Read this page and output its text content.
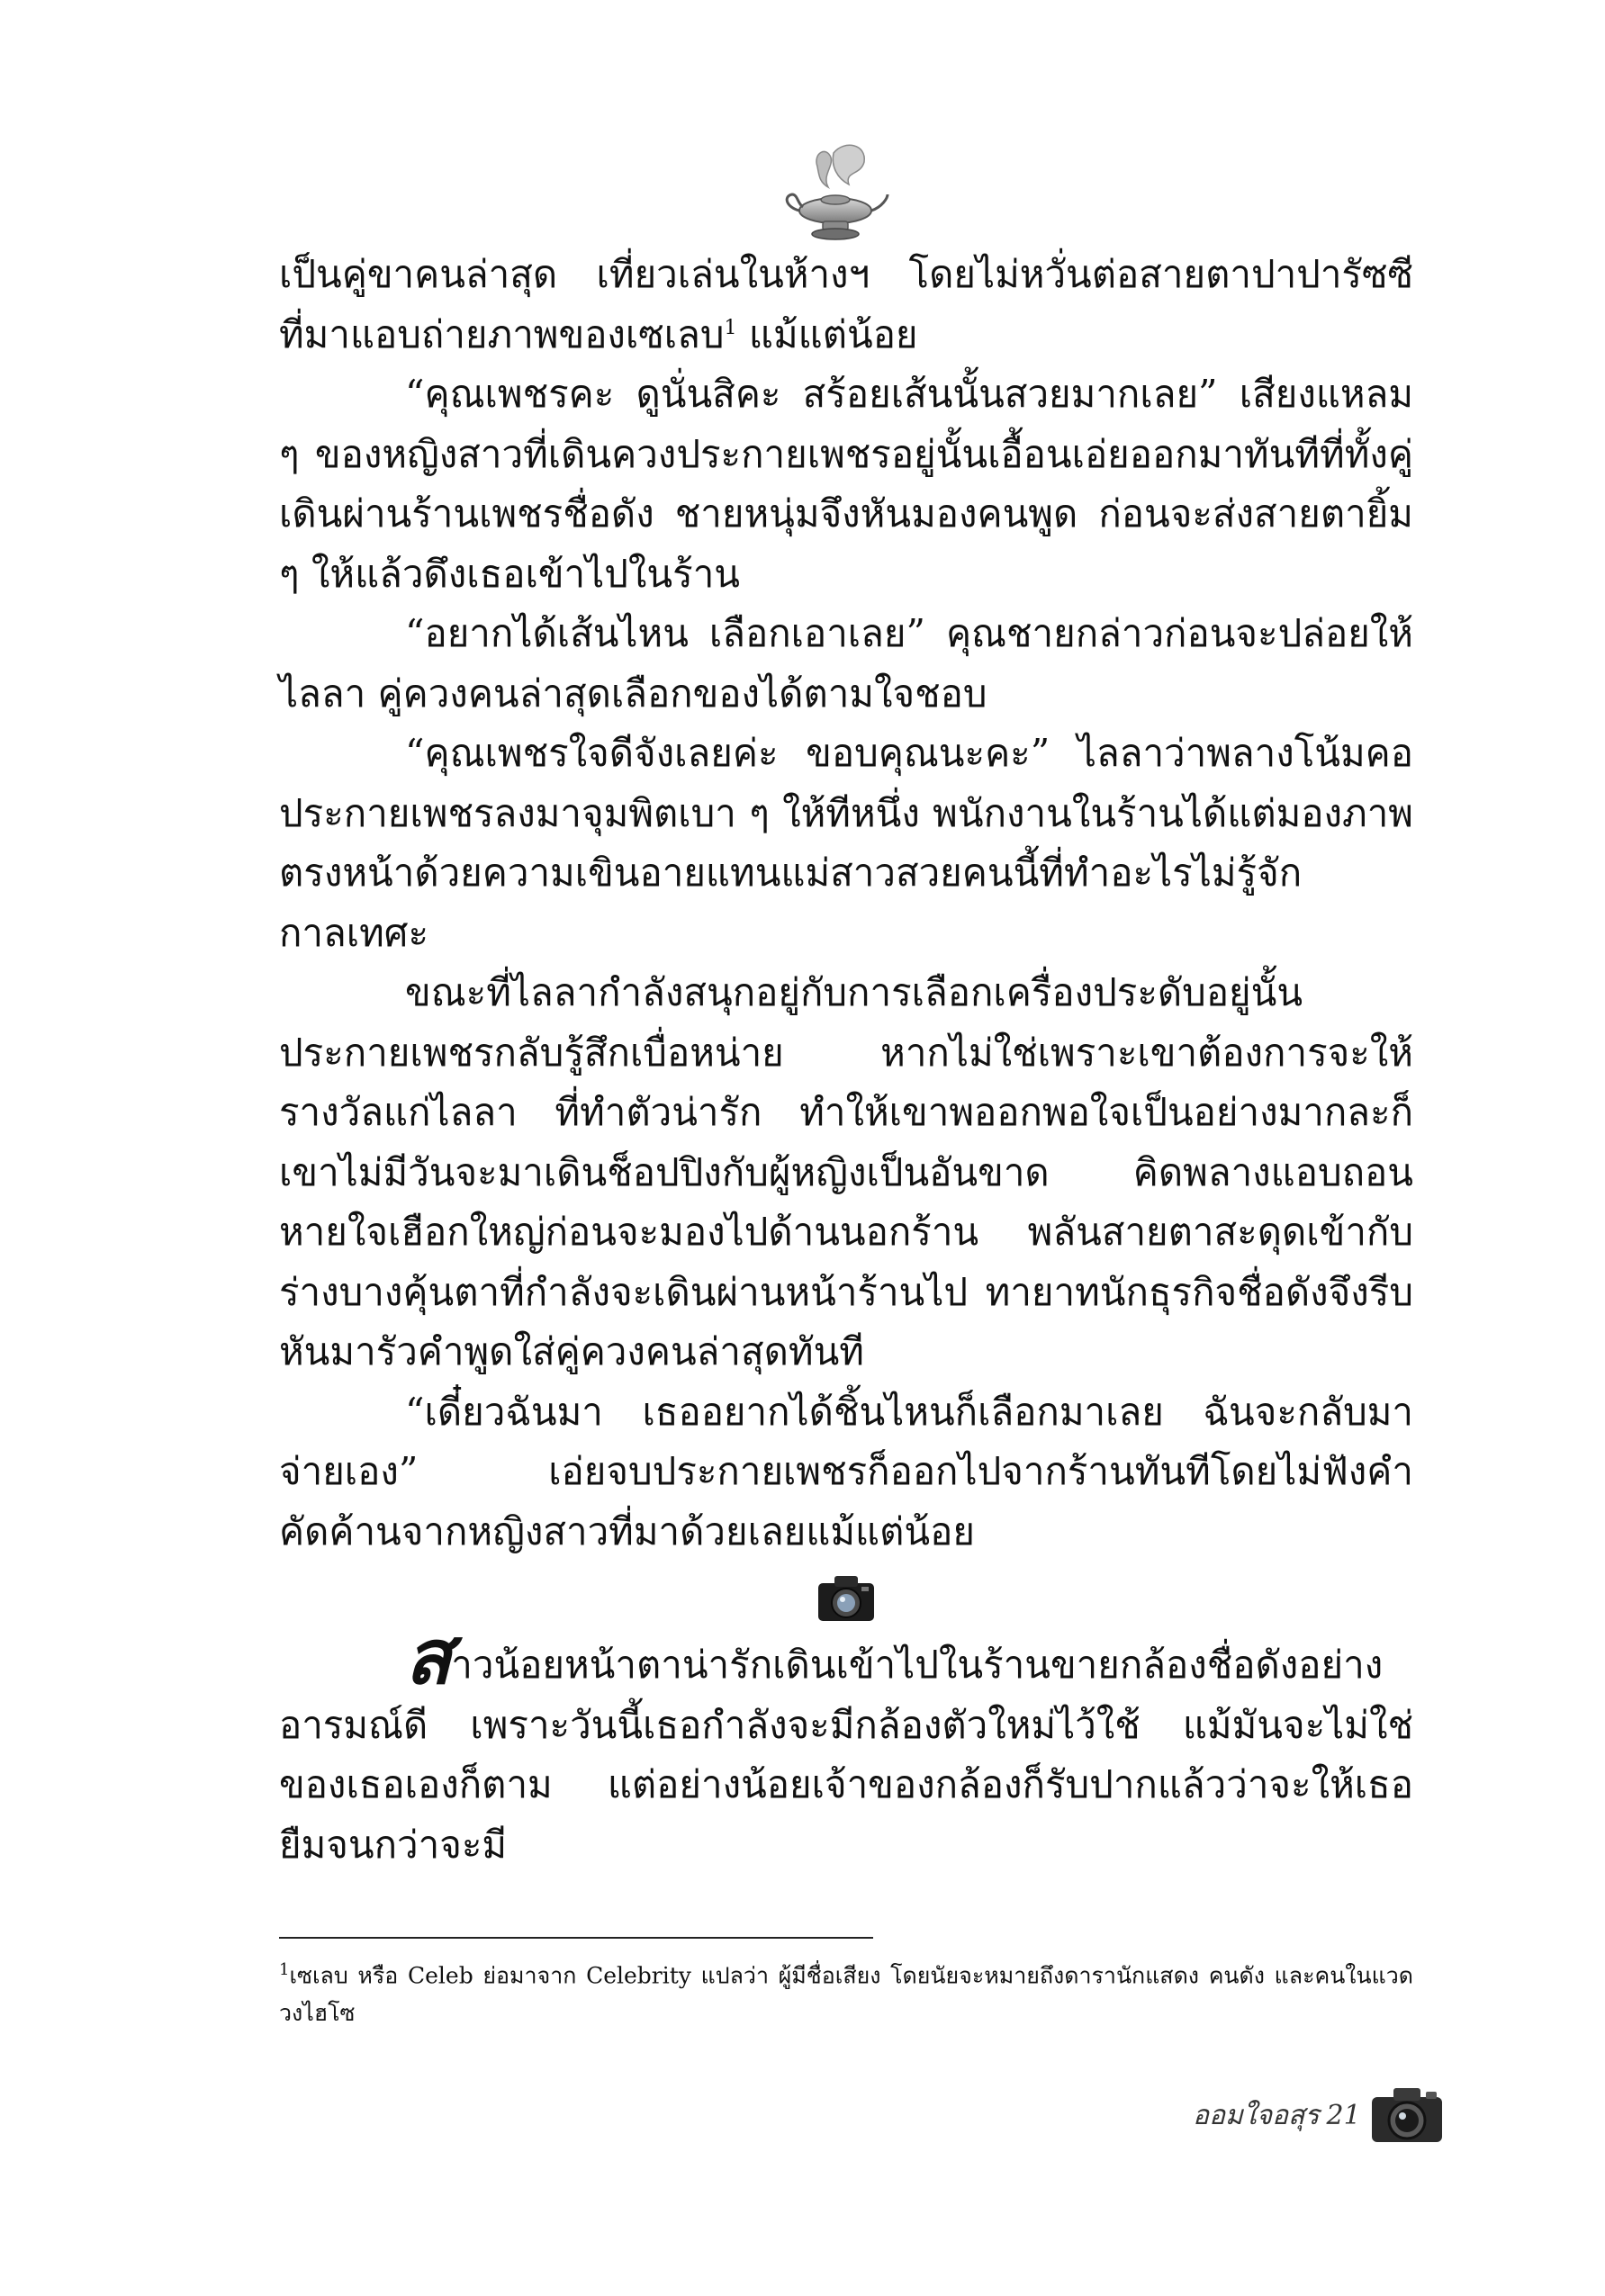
เป็นคู่ขาคนล่าสุด เที่ยวเล่นในห้างฯ โดยไม่หวั่นต่อสายตาปาปารัซซีที่มาแอบถ่ายภาพของเซเลบ$^1$ แม้แต่น้อย

“คุณเพชรคะ ดูนั่นสิคะ สร้อยเส้นนั้นสวยมากเลย” เสียงแหลม ๆ ของหญิงสาวที่เดินควงประกายเพชรอยู่นั้นเอื้อนเอ่ยออกมาทันทีที่ทั้งคู่เดินผ่านร้านเพชรชื่อดัง ชายหนุ่มจึงหันมองคนพูด ก่อนจะส่งสายตายิ้ม ๆ ให้แล้วดึงเธอเข้าไปในร้าน

“อยากได้เส้นไหน เลือกเอาเลย” คุณชายกล่าวก่อนจะปล่อยให้ไลลา คู่ควงคนล่าสุดเลือกของได้ตามใจชอบ

“คุณเพชรใจดีจังเลยค่ะ ขอบคุณนะคะ” ไลลาว่าพลางโน้มคอประกายเพชรลงมาจุมพิตเบา ๆ ให้ทีหนึ่ง พนักงานในร้านได้แต่มองภาพตรงหน้าด้วยความเขินอายแทนแม่สาวสวยคนนี้ที่ทำอะไรไม่รู้จักกาลเทศะ

ขณะที่ไลลากำลังสนุกอยู่กับการเลือกเครื่องประดับอยู่นั้นประกายเพชรกลับรู้สึกเบื่อหน่าย หากไม่ใช่เพราะเขาต้องการจะให้รางวัลแก่ไลลา ที่ทำตัวน่ารัก ทำให้เขาพออกพอใจเป็นอย่างมากละก็ เขาไม่มีวันจะมาเดินช็อปปิงกับผู้หญิงเป็นอันขาด คิดพลางแอบถอนหายใจเฮือกใหญ่ก่อนจะมองไปด้านนอกร้าน พลันสายตาสะดุดเข้ากับร่างบางคุ้นตาที่กำลังจะเดินผ่านหน้าร้านไป ทายาทนักธุรกิจชื่อดังจึงรีบหันมารัวคำพูดใส่คู่ควงคนล่าสุดทันที

“เดี๋ยวฉันมา เธออยากได้ชิ้นไหนก็เลือกมาเลย ฉันจะกลับมาจ่ายเอง” เอ่ยจบประกายเพชรก็ออกไปจากร้านทันทีโดยไม่ฟังคำคัดค้านจากหญิงสาวที่มาด้วยเลยแม้แต่น้อย

สาวน้อยหน้าตาน่ารักเดินเข้าไปในร้านขายกล้องชื่อดังอย่างอารมณ์ดี เพราะวันนี้เธอกำลังจะมีกล้องตัวใหม่ไว้ใช้ แม้มันจะไม่ใช่ของเธอเองก็ตาม แต่อย่างน้อยเจ้าของกล้องก็รับปากแล้วว่าจะให้เธอยืมจนกว่าจะมี

$^1$เซเลบ หรือ Celeb ย่อมาจาก Celebrity แปลว่า ผู้มีชื่อเสียง โดยนัยจะหมายถึงดารานักแสดง คนดัง และคนในแวดวงไฮโซ
ออมใจอสุร 21
